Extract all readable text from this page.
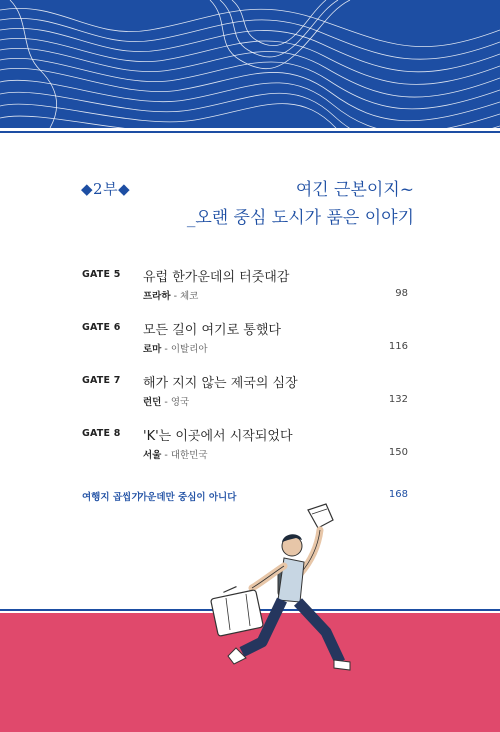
◆2부◆	여긴 근본이지~
_오랜 중심 도시가 품은 이야기
GATE 5 유럽 한가운데의 터줏대감
프라하 - 체코	98
GATE 6 모든 길이 여기로 통했다
로마 - 이탈리아	116
GATE 7 해가 지지 않는 제국의 심장
런던 - 영국	132
GATE 8 'K'는 이곳에서 시작되었다
서울 - 대한민국	150
여행지 곱씹기
가운데만 중심이 아니다	168
